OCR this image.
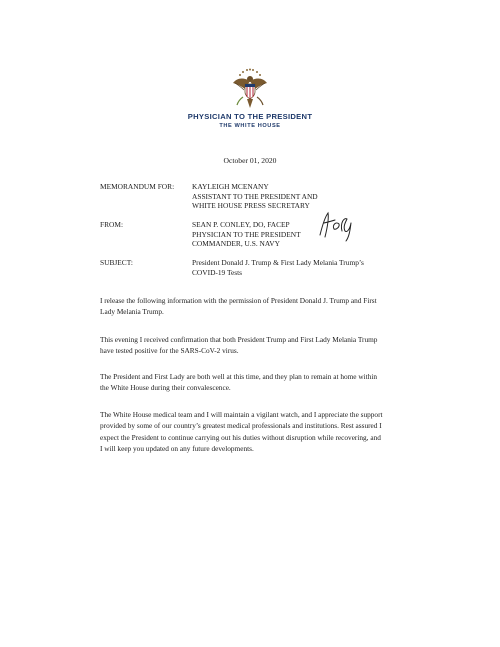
PHYSICIAN TO THE PRESIDENT
THE WHITE HOUSE
October 01, 2020
MEMORANDUM FOR: KAYLEIGH MCENANY
ASSISTANT TO THE PRESIDENT AND
WHITE HOUSE PRESS SECRETARY
FROM:	SEAN P. CONLEY, DO, FACEP
PHYSICIAN TO THE PRESIDENT
COMMANDER, U.S. NAVY
SUBJECT:	President Donald J. Trump & First Lady Melania Trump’s
COVID-19 Tests
I release the following information with the permission of President Donald J. Trump and First
Lady Melania Trump.
This evening I received confirmation that both President Trump and First Lady Melania Trump
have tested positive for the SARS-CoV-2 virus.
The President and First Lady are both well at this time, and they plan to remain at home within
the White House during their convalescence.
The White House medical team and I will maintain a vigilant watch, and I appreciate the support
provided by some of our country’s greatest medical professionals and institutions. Rest assured I
expect the President to continue carrying out his duties without disruption while recovering, and
I will keep you updated on any future developments.
